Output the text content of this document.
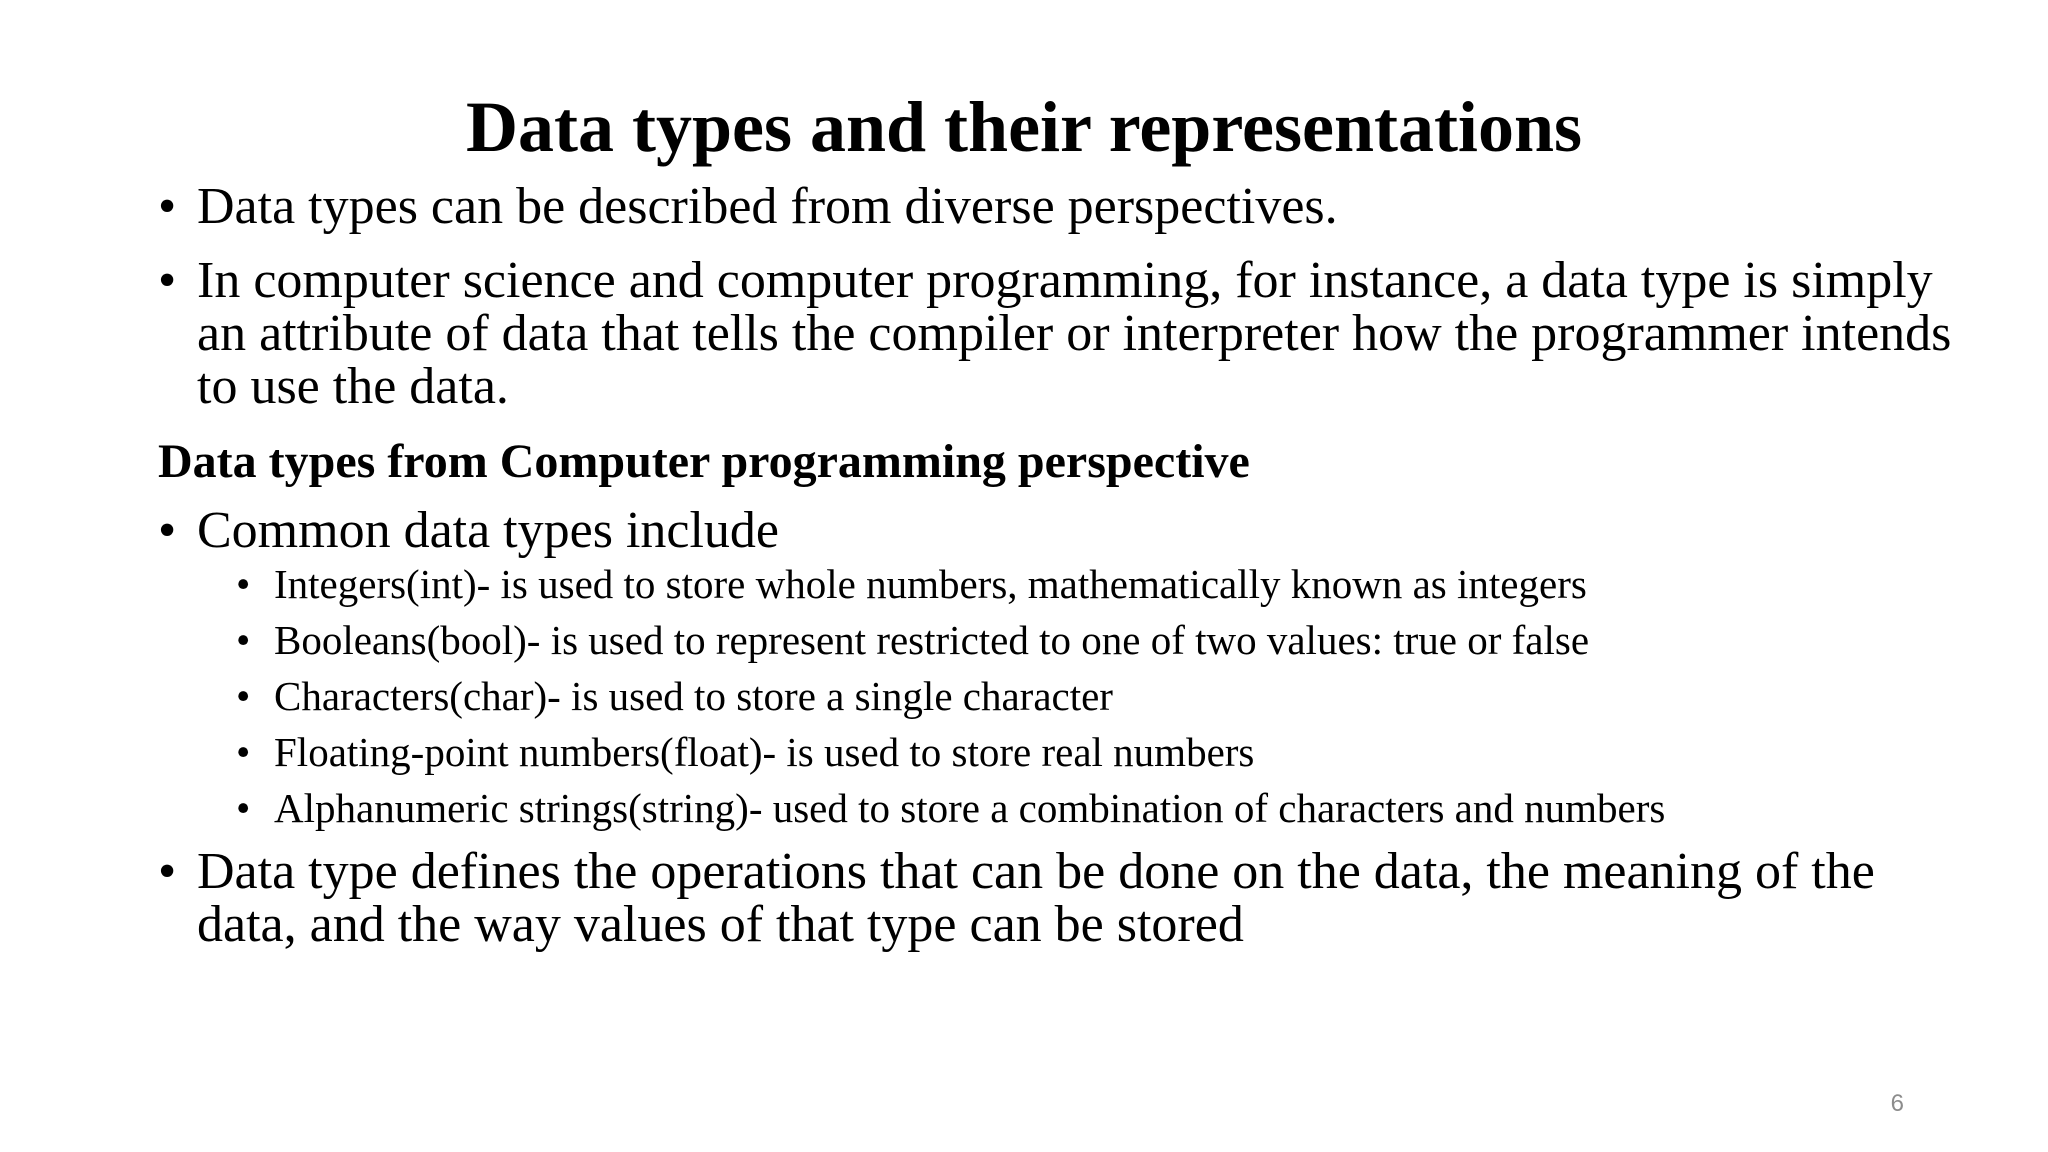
Data types and their representations

• Data types can be described from diverse perspectives.

• In computer science and computer programming, for instance, a data type is simply an attribute of data that tells the compiler or interpreter how the programmer intends to use the data.

Data types from Computer programming perspective

• Common data types include

• Integers(int)- is used to store whole numbers, mathematically known as integers

• Booleans(bool)- is used to represent restricted to one of two values: true or false

• Characters(char)- is used to store a single character

• Floating-point numbers(float)- is used to store real numbers

• Alphanumeric strings(string)- used to store a combination of characters and numbers

• Data type defines the operations that can be done on the data, the meaning of the data, and the way values of that type can be stored

6
